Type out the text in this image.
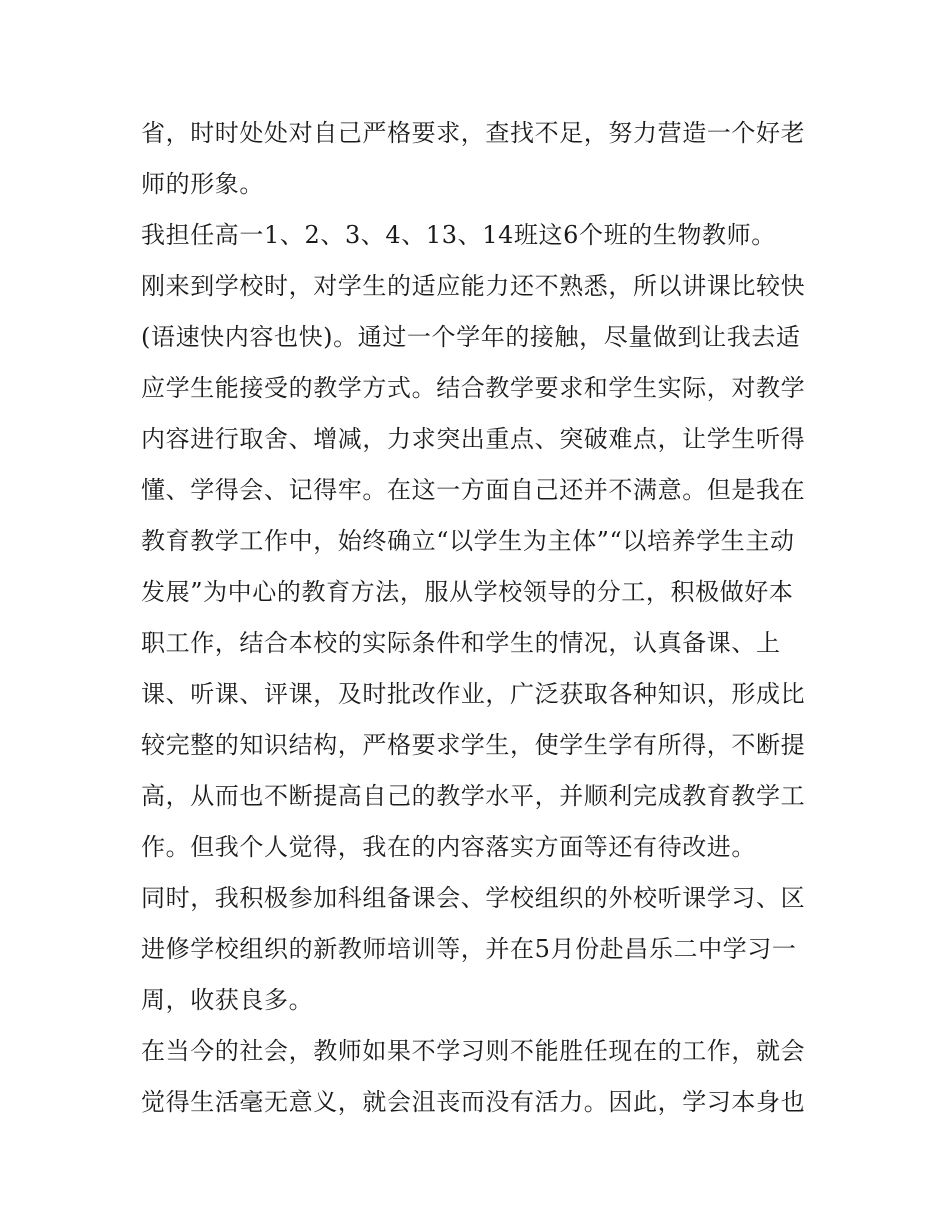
省，时时处处对自己严格要求，查找不足，努力营造一个好老
师的形象。
我担任高一1、2、3、4、13、14班这6个班的生物教师。
刚来到学校时，对学生的适应能力还不熟悉，所以讲课比较快
(语速快内容也快)。通过一个学年的接触，尽量做到让我去适
应学生能接受的教学方式。结合教学要求和学生实际，对教学
内容进行取舍、增减，力求突出重点、突破难点，让学生听得
懂、学得会、记得牢。在这一方面自己还并不满意。但是我在
教育教学工作中，始终确立“以学生为主体”“以培养学生主动
发展”为中心的教育方法，服从学校领导的分工，积极做好本
职工作，结合本校的实际条件和学生的情况，认真备课、上
课、听课、评课，及时批改作业，广泛获取各种知识，形成比
较完整的知识结构，严格要求学生，使学生学有所得，不断提
高，从而也不断提高自己的教学水平，并顺利完成教育教学工
作。但我个人觉得，我在的内容落实方面等还有待改进。
同时，我积极参加科组备课会、学校组织的外校听课学习、区
进修学校组织的新教师培训等，并在5月份赴昌乐二中学习一
周，收获良多。
在当今的社会，教师如果不学习则不能胜任现在的工作，就会
觉得生活毫无意义，就会沮丧而没有活力。因此，学习本身也
